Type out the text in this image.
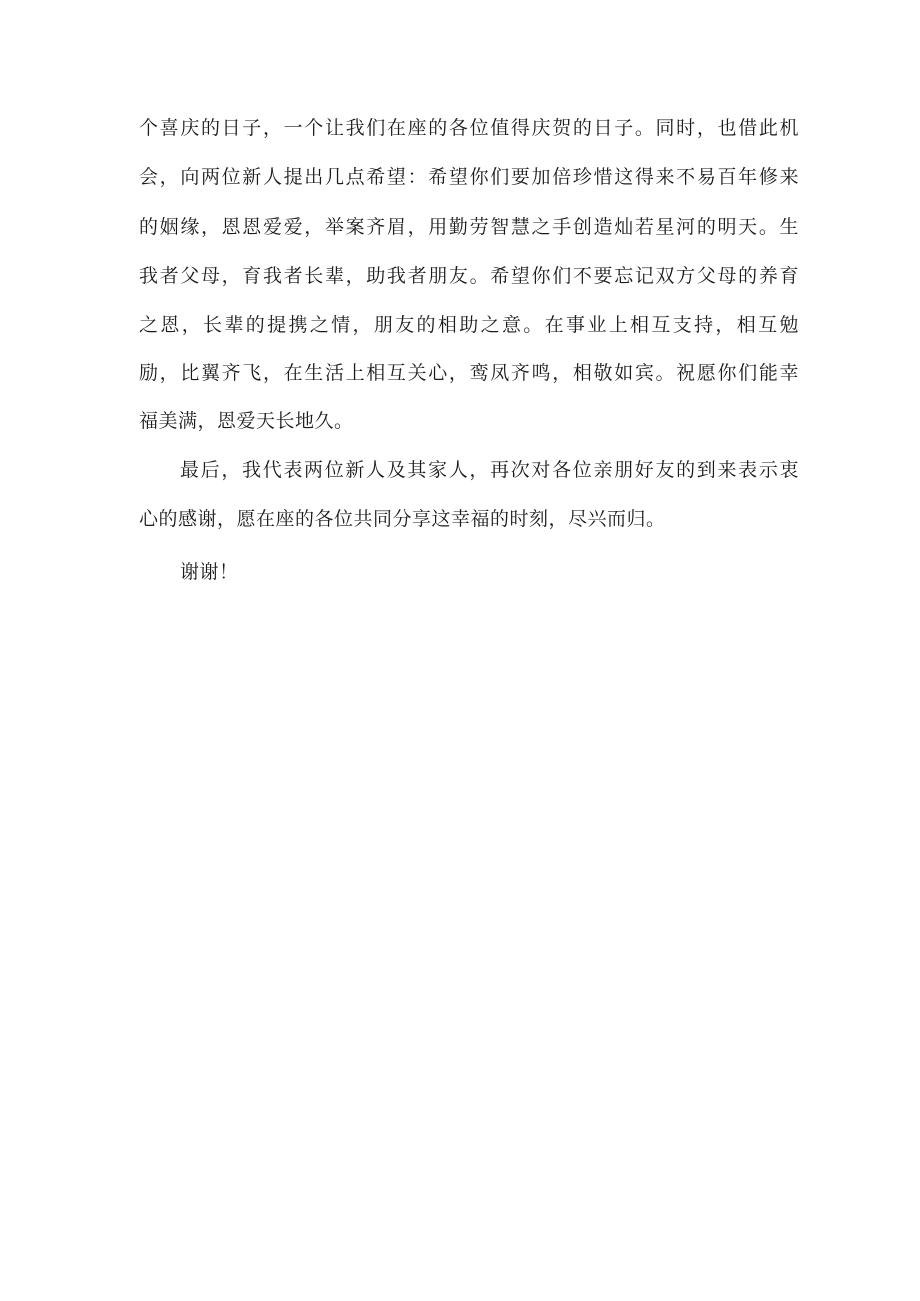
个喜庆的日子，一个让我们在座的各位值得庆贺的日子。同时，也借此机
会，向两位新人提出几点希望：希望你们要加倍珍惜这得来不易百年修来
的姻缘，恩恩爱爱，举案齐眉，用勤劳智慧之手创造灿若星河的明天。生
我者父母，育我者长辈，助我者朋友。希望你们不要忘记双方父母的养育
之恩，长辈的提携之情，朋友的相助之意。在事业上相互支持，相互勉
励，比翼齐飞，在生活上相互关心，鸾凤齐鸣，相敬如宾。祝愿你们能幸
福美满，恩爱天长地久。
最后，我代表两位新人及其家人，再次对各位亲朋好友的到来表示衷
心的感谢，愿在座的各位共同分享这幸福的时刻，尽兴而归。
谢谢！
